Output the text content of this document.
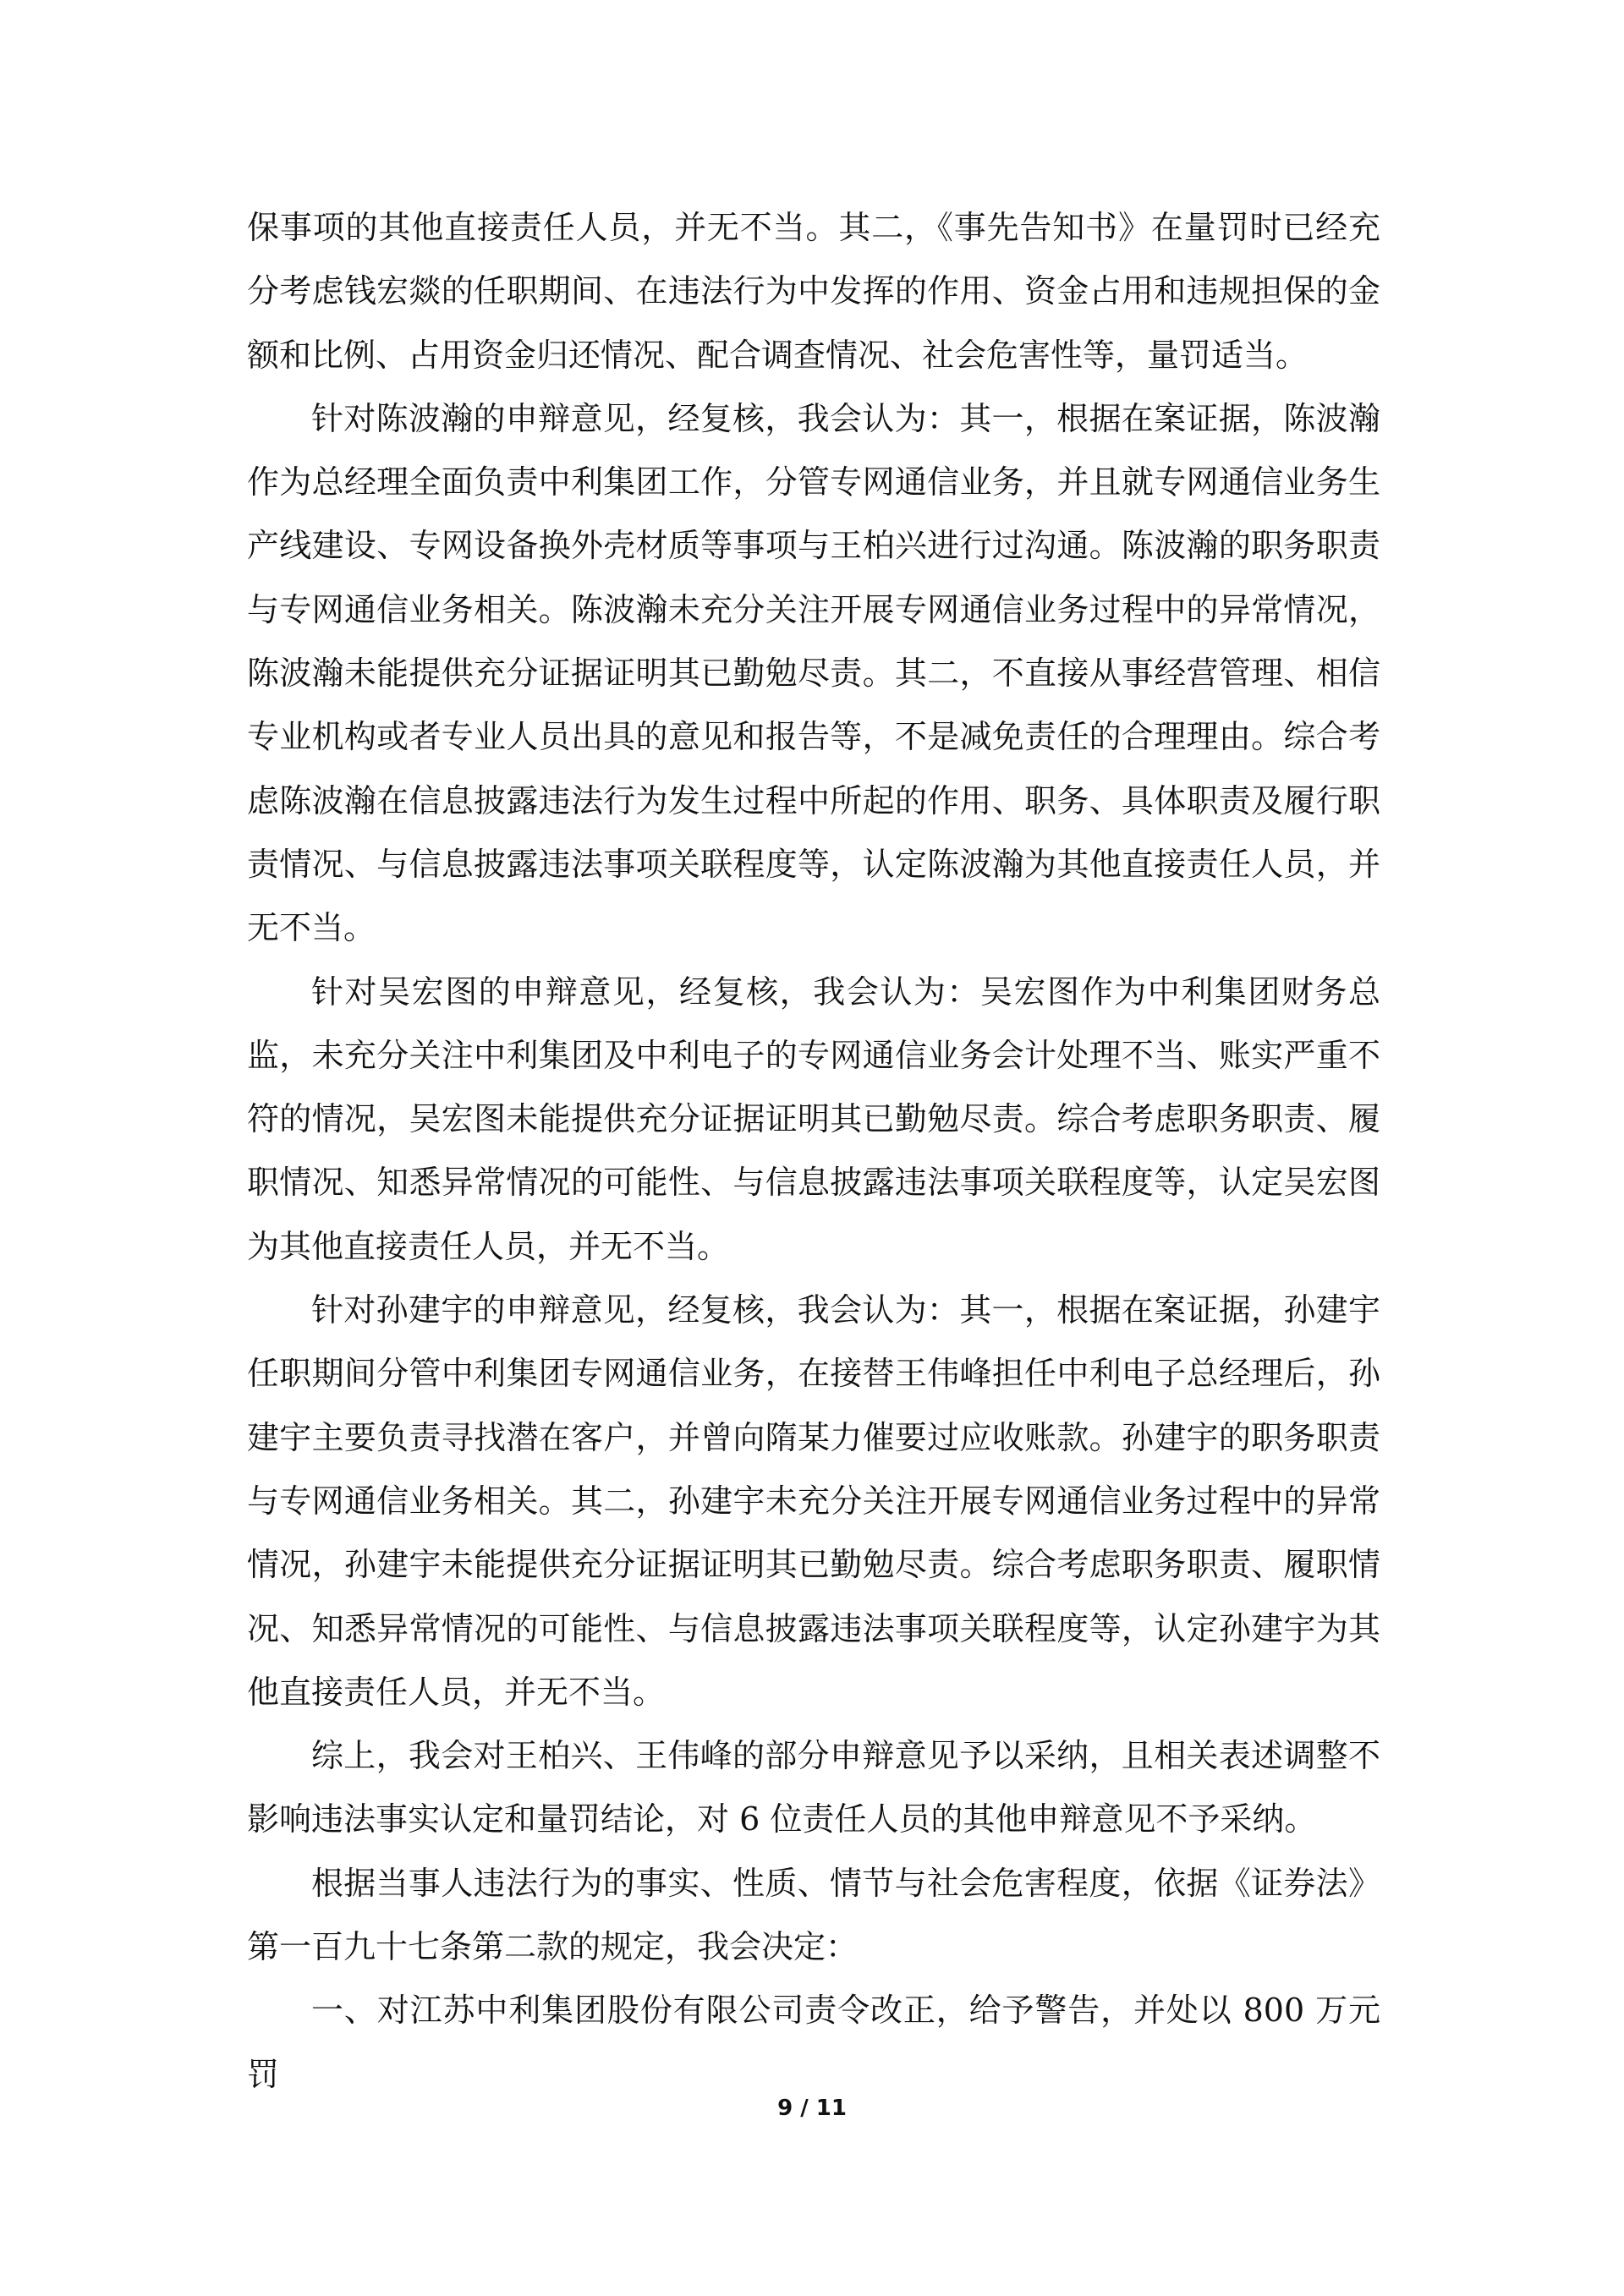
保事项的其他直接责任人员，并无不当。其二，《事先告知书》在量罚时已经充分考虑钱宏燚的任职期间、在违法行为中发挥的作用、资金占用和违规担保的金额和比例、占用资金归还情况、配合调查情况、社会危害性等，量罚适当。

针对陈波瀚的申辩意见，经复核，我会认为：其一，根据在案证据，陈波瀚作为总经理全面负责中利集团工作，分管专网通信业务，并且就专网通信业务生产线建设、专网设备换外壳材质等事项与王柏兴进行过沟通。陈波瀚的职务职责与专网通信业务相关。陈波瀚未充分关注开展专网通信业务过程中的异常情况，陈波瀚未能提供充分证据证明其已勤勉尽责。其二，不直接从事经营管理、相信专业机构或者专业人员出具的意见和报告等，不是减免责任的合理理由。综合考虑陈波瀚在信息披露违法行为发生过程中所起的作用、职务、具体职责及履行职责情况、与信息披露违法事项关联程度等，认定陈波瀚为其他直接责任人员，并无不当。

针对吴宏图的申辩意见，经复核，我会认为：吴宏图作为中利集团财务总监，未充分关注中利集团及中利电子的专网通信业务会计处理不当、账实严重不符的情况，吴宏图未能提供充分证据证明其已勤勉尽责。综合考虑职务职责、履职情况、知悉异常情况的可能性、与信息披露违法事项关联程度等，认定吴宏图为其他直接责任人员，并无不当。

针对孙建宇的申辩意见，经复核，我会认为：其一，根据在案证据，孙建宇任职期间分管中利集团专网通信业务，在接替王伟峰担任中利电子总经理后，孙建宇主要负责寻找潜在客户，并曾向隋某力催要过应收账款。孙建宇的职务职责与专网通信业务相关。其二，孙建宇未充分关注开展专网通信业务过程中的异常情况，孙建宇未能提供充分证据证明其已勤勉尽责。综合考虑职务职责、履职情况、知悉异常情况的可能性、与信息披露违法事项关联程度等，认定孙建宇为其他直接责任人员，并无不当。

综上，我会对王柏兴、王伟峰的部分申辩意见予以采纳，且相关表述调整不影响违法事实认定和量罚结论，对 6 位责任人员的其他申辩意见不予采纳。

根据当事人违法行为的事实、性质、情节与社会危害程度，依据《证券法》第一百九十七条第二款的规定，我会决定：

一、对江苏中利集团股份有限公司责令改正，给予警告，并处以 800 万元罚

9 / 11
